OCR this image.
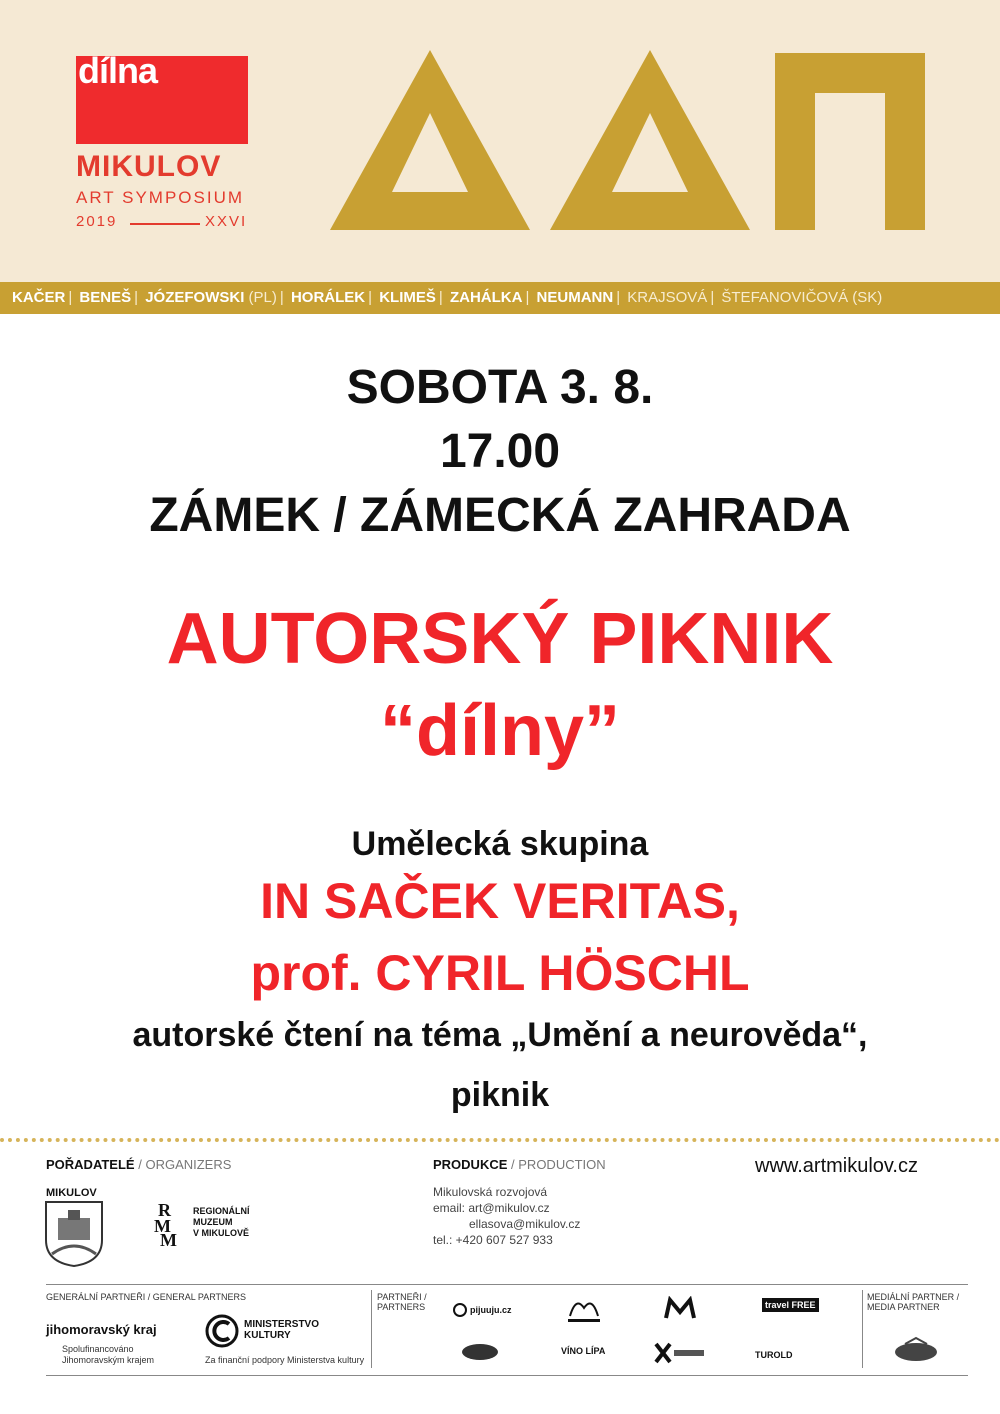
dílna
MIKULOV
ART SYMPOSIUM
2019	XXVI
KAČER | BENEŠ | JÓZEFOWSKI (PL) | HORÁLEK | KLIMEŠ | ZAHÁLKA | NEUMANN | KRAJSOVÁ | ŠTEFANOVIČOVÁ (SK)
SOBOTA 3. 8.
17.00
ZÁMEK / ZÁMECKÁ ZAHRADA
AUTORSKÝ PIKNIK
“dílny”
Umělecká skupina
IN SAČEK VERITAS,
prof. CYRIL HÖSCHL
autorské čtení na téma „Umění a neurověda“,
piknik
POŘADATELÉ / ORGANIZERS	PRODUKCE / PRODUCTION	www.artmikulov.cz
Mikulovská rozvojová
email: art@mikulov.cz
ellasova@mikulov.cz
tel.: +420 607 527 933
MIKULOV
R
M
M
REGIONÁLNÍ
MUZEUM
V MIKULOVĚ
GENERÁLNÍ PARTNEŘI / GENERAL PARTNERS
jihomoravský kraj
Spolufinancováno
Jihomoravským krajem
MINISTERSTVO
KULTURY
Za finanční podpory Ministerstva kultury
PARTNEŘI /
PARTNERS	pijuuju.cz	travel FREE
VÍNO LÍPA	TUROLD
MEDIÁLNÍ PARTNER /
MEDIA PARTNER
